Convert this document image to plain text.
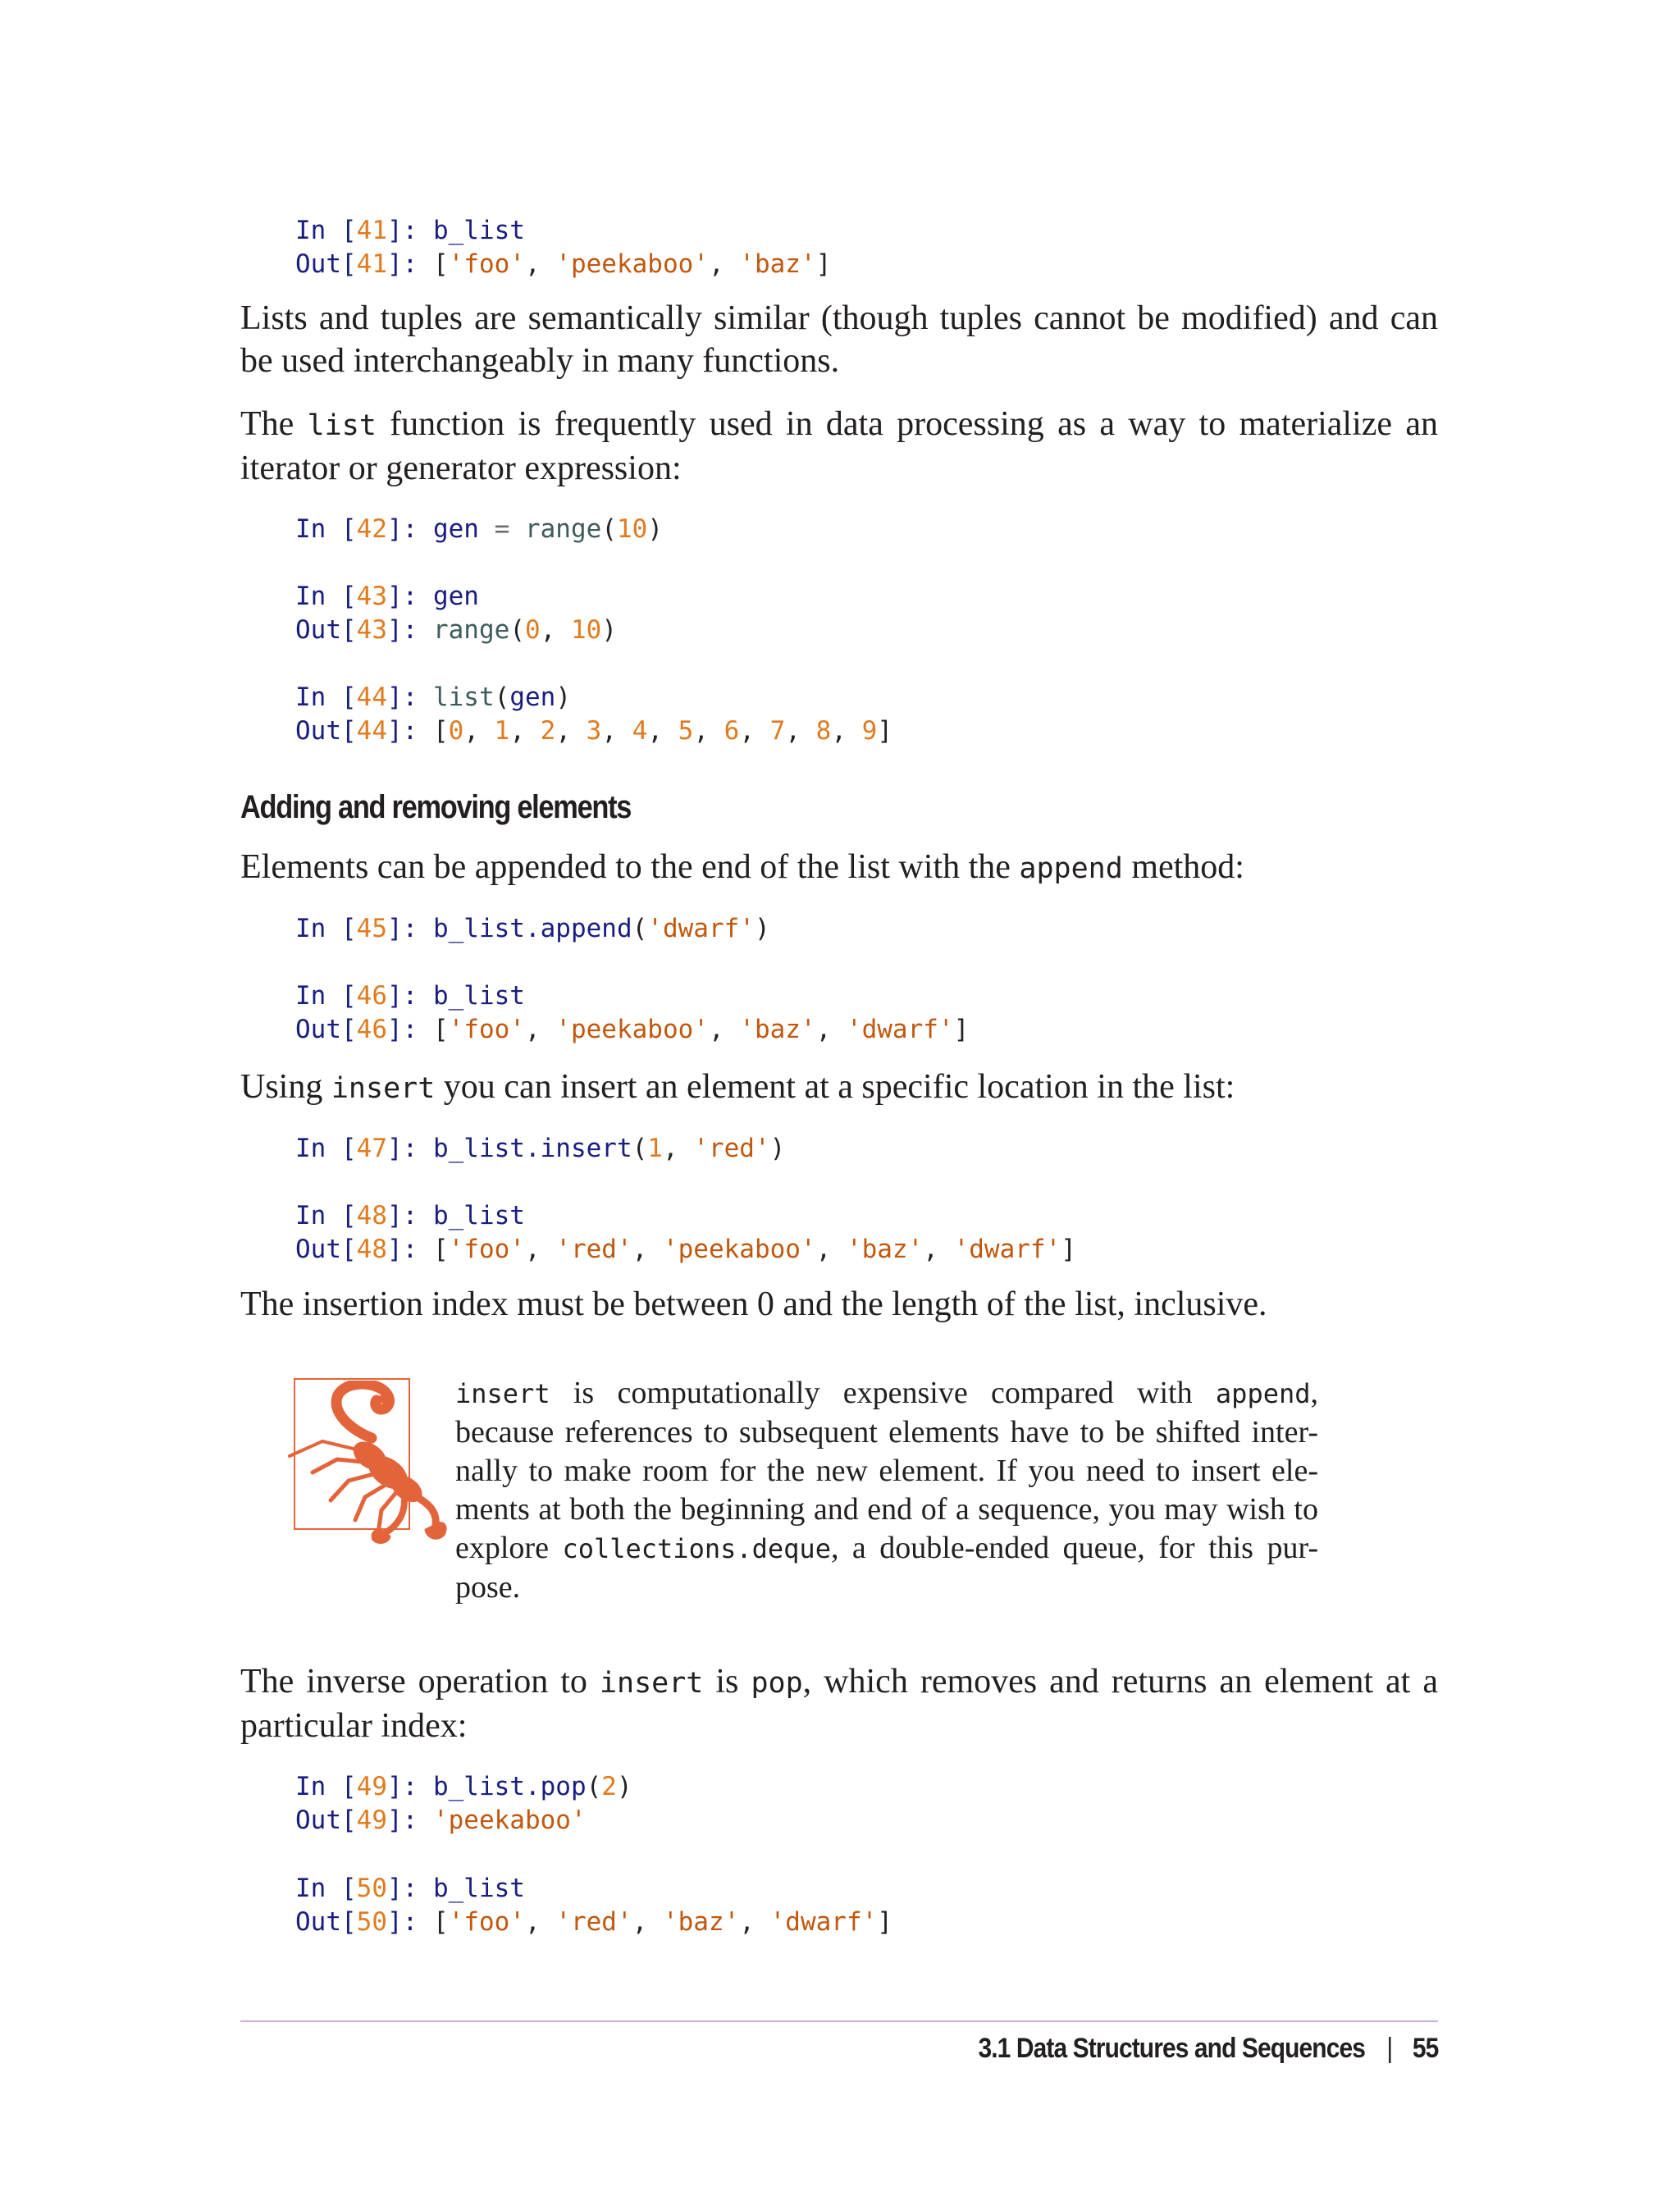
In [41]: b_list
Out[41]: ['foo', 'peekaboo', 'baz']

Lists and tuples are semantically similar (though tuples cannot be modified) and can be used interchangeably in many functions.

The list function is frequently used in data processing as a way to materialize an iterator or generator expression:

In [42]: gen = range(10)
In [43]: gen
Out[43]: range(0, 10)
In [44]: list(gen)
Out[44]: [0, 1, 2, 3, 4, 5, 6, 7, 8, 9]
Adding and removing elements

Elements can be appended to the end of the list with the append method:

In [45]: b_list.append('dwarf')
In [46]: b_list
Out[46]: ['foo', 'peekaboo', 'baz', 'dwarf']

Using insert you can insert an element at a specific location in the list:

In [47]: b_list.insert(1, 'red')
In [48]: b_list
Out[48]: ['foo', 'red', 'peekaboo', 'baz', 'dwarf']

The insertion index must be between 0 and the length of the list, inclusive.

insert is computationally expensive compared with append, because references to subsequent elements have to be shifted inter-nally to make room for the new element. If you need to insert ele-ments at both the beginning and end of a sequence, you may wish to explore collections.deque, a double-ended queue, for this pur-pose.

The inverse operation to insert is pop, which removes and returns an element at a particular index:

In [49]: b_list.pop(2)
Out[49]: 'peekaboo'
In [50]: b_list
Out[50]: ['foo', 'red', 'baz', 'dwarf']

3.1 Data Structures and Sequences | 55
